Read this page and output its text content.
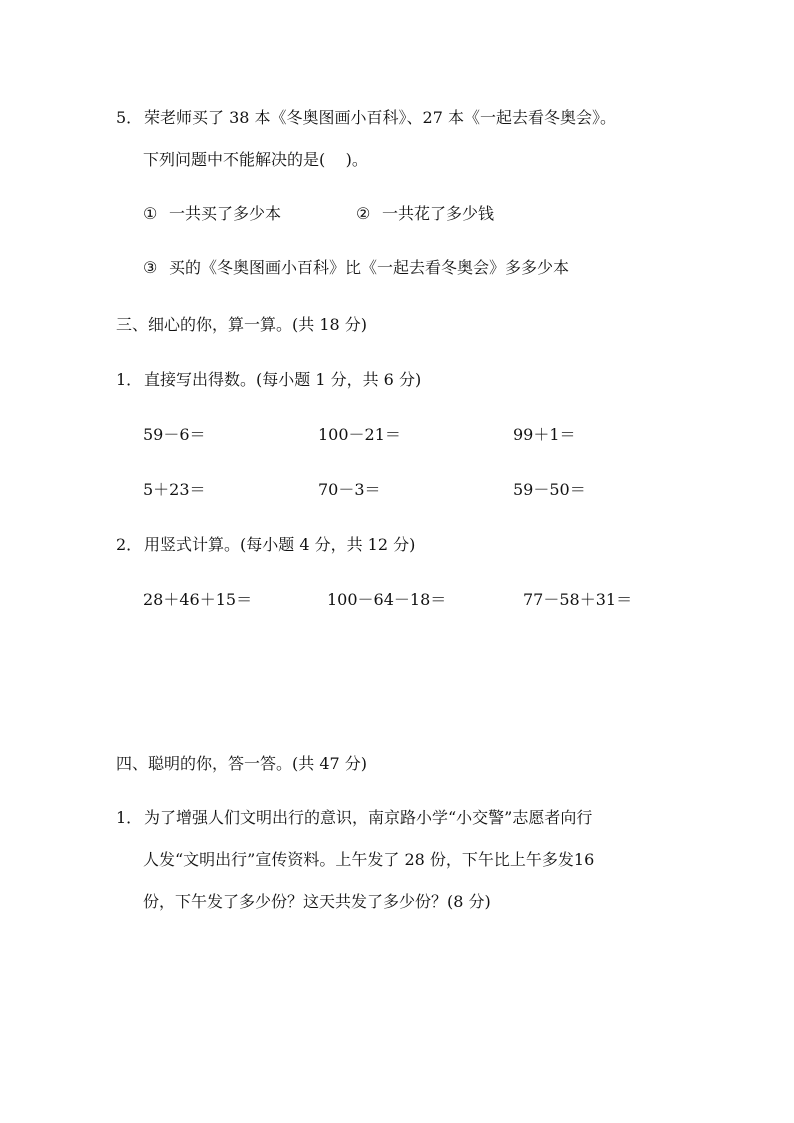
5． 荣老师买了 38 本《冬奥图画小百科》、27 本《一起去看冬奥会》。
下列问题中不能解决的是( )。
① 一共买了多少本	② 一共花了多少钱
③ 买的《冬奥图画小百科》比《一起去看冬奥会》多多少本
三、细心的你，算一算。(共 18 分)
1． 直接写出得数。(每小题 1 分，共 6 分)
59－6＝	100－21＝	99＋1＝
5＋23＝	70－3＝	59－50＝
2． 用竖式计算。(每小题 4 分，共 12 分)
28＋46＋15＝	100－64－18＝	77－58＋31＝
四、聪明的你，答一答。(共 47 分)
1． 为了增强人们文明出行的意识，南京路小学“小交警”志愿者向行
人发“文明出行”宣传资料。上午发了 28 份，下午比上午多发16
份，下午发了多少份？这天共发了多少份？(8 分)
